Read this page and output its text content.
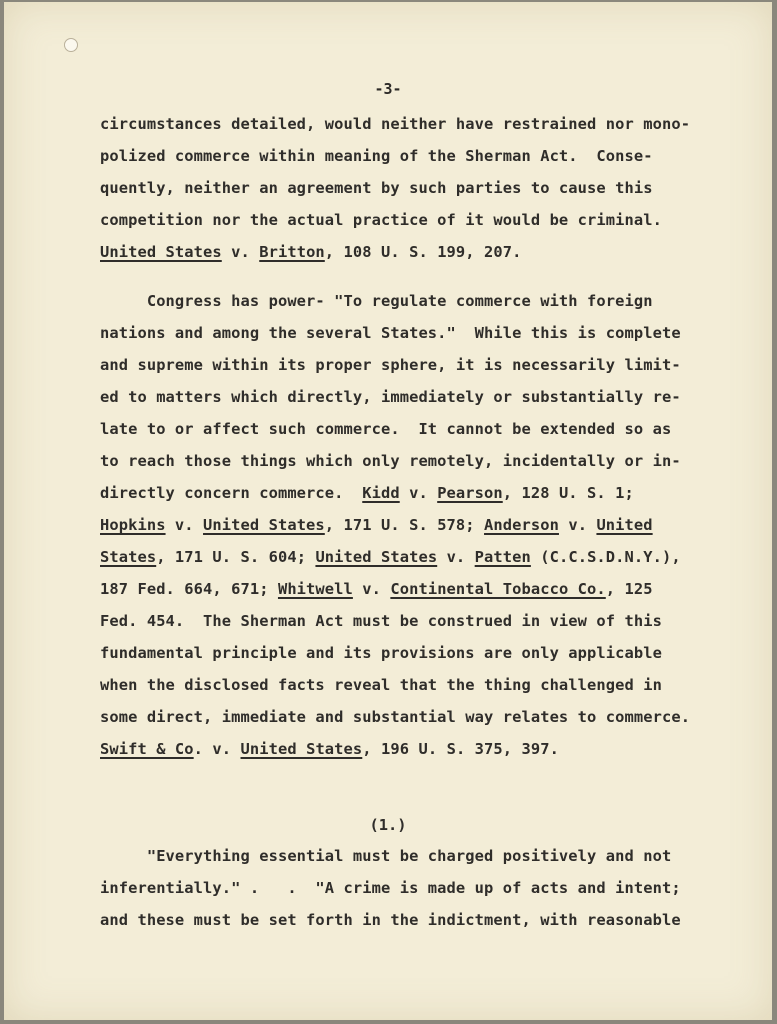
-3-
circumstances detailed, would neither have restrained nor mono-
polized commerce within meaning of the Sherman Act.  Conse-
quently, neither an agreement by such parties to cause this
competition nor the actual practice of it would be criminal.
United States v. Britton, 108 U. S. 199, 207.
Congress has power- "To regulate commerce with foreign
nations and among the several States."  While this is complete
and supreme within its proper sphere, it is necessarily limit-
ed to matters which directly, immediately or substantially re-
late to or affect such commerce.  It cannot be extended so as
to reach those things which only remotely, incidentally or in-
directly concern commerce.  Kidd v. Pearson, 128 U. S. 1;
Hopkins v. United States, 171 U. S. 578; Anderson v. United
States, 171 U. S. 604; United States v. Patten (C.C.S.D.N.Y.),
187 Fed. 664, 671; Whitwell v. Continental Tobacco Co., 125
Fed. 454.  The Sherman Act must be construed in view of this
fundamental principle and its provisions are only applicable
when the disclosed facts reveal that the thing challenged in
some direct, immediate and substantial way relates to commerce.
Swift & Co. v. United States, 196 U. S. 375, 397.
(1.)
"Everything essential must be charged positively and not
inferentially." .   .  "A crime is made up of acts and intent;
and these must be set forth in the indictment, with reasonable
